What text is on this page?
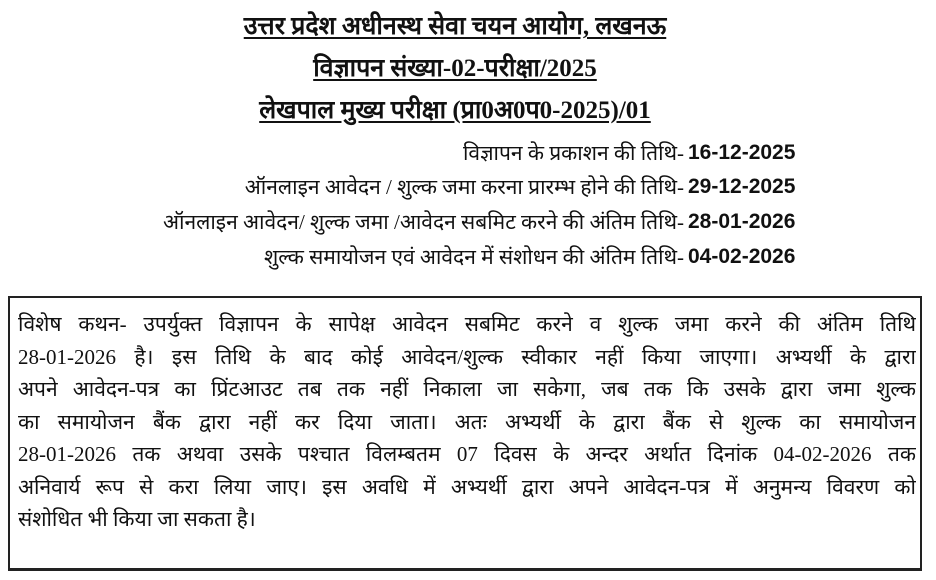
उत्तर प्रदेश अधीनस्थ सेवा चयन आयोग, लखनऊ
विज्ञापन संख्या-02-परीक्षा/2025
लेखपाल मुख्य परीक्षा (प्रा0अ0प0-2025)/01
विज्ञापन के प्रकाशन की तिथि- 16-12-2025
ऑनलाइन आवेदन / शुल्क जमा करना प्रारम्भ होने की तिथि- 29-12-2025
ऑनलाइन आवेदन/ शुल्क जमा /आवेदन सबमिट करने की अंतिम तिथि- 28-01-2026
शुल्क समायोजन एवं आवेदन में संशोधन की अंतिम तिथि- 04-02-2026
विशेष कथन- उपर्युक्त विज्ञापन के सापेक्ष आवेदन सबमिट करने व शुल्क जमा करने की अंतिम तिथि
28-01-2026 है। इस तिथि के बाद कोई आवेदन/शुल्क स्वीकार नहीं किया जाएगा। अभ्यर्थी के द्वारा
अपने आवेदन-पत्र का प्रिंटआउट तब तक नहीं निकाला जा सकेगा, जब तक कि उसके द्वारा जमा शुल्क
का समायोजन बैंक द्वारा नहीं कर दिया जाता। अतः अभ्यर्थी के द्वारा बैंक से शुल्क का समायोजन
28-01-2026 तक अथवा उसके पश्चात विलम्बतम 07 दिवस के अन्दर अर्थात दिनांक 04-02-2026 तक
अनिवार्य रूप से करा लिया जाए। इस अवधि में अभ्यर्थी द्वारा अपने आवेदन-पत्र में अनुमन्य विवरण को
संशोधित भी किया जा सकता है।
